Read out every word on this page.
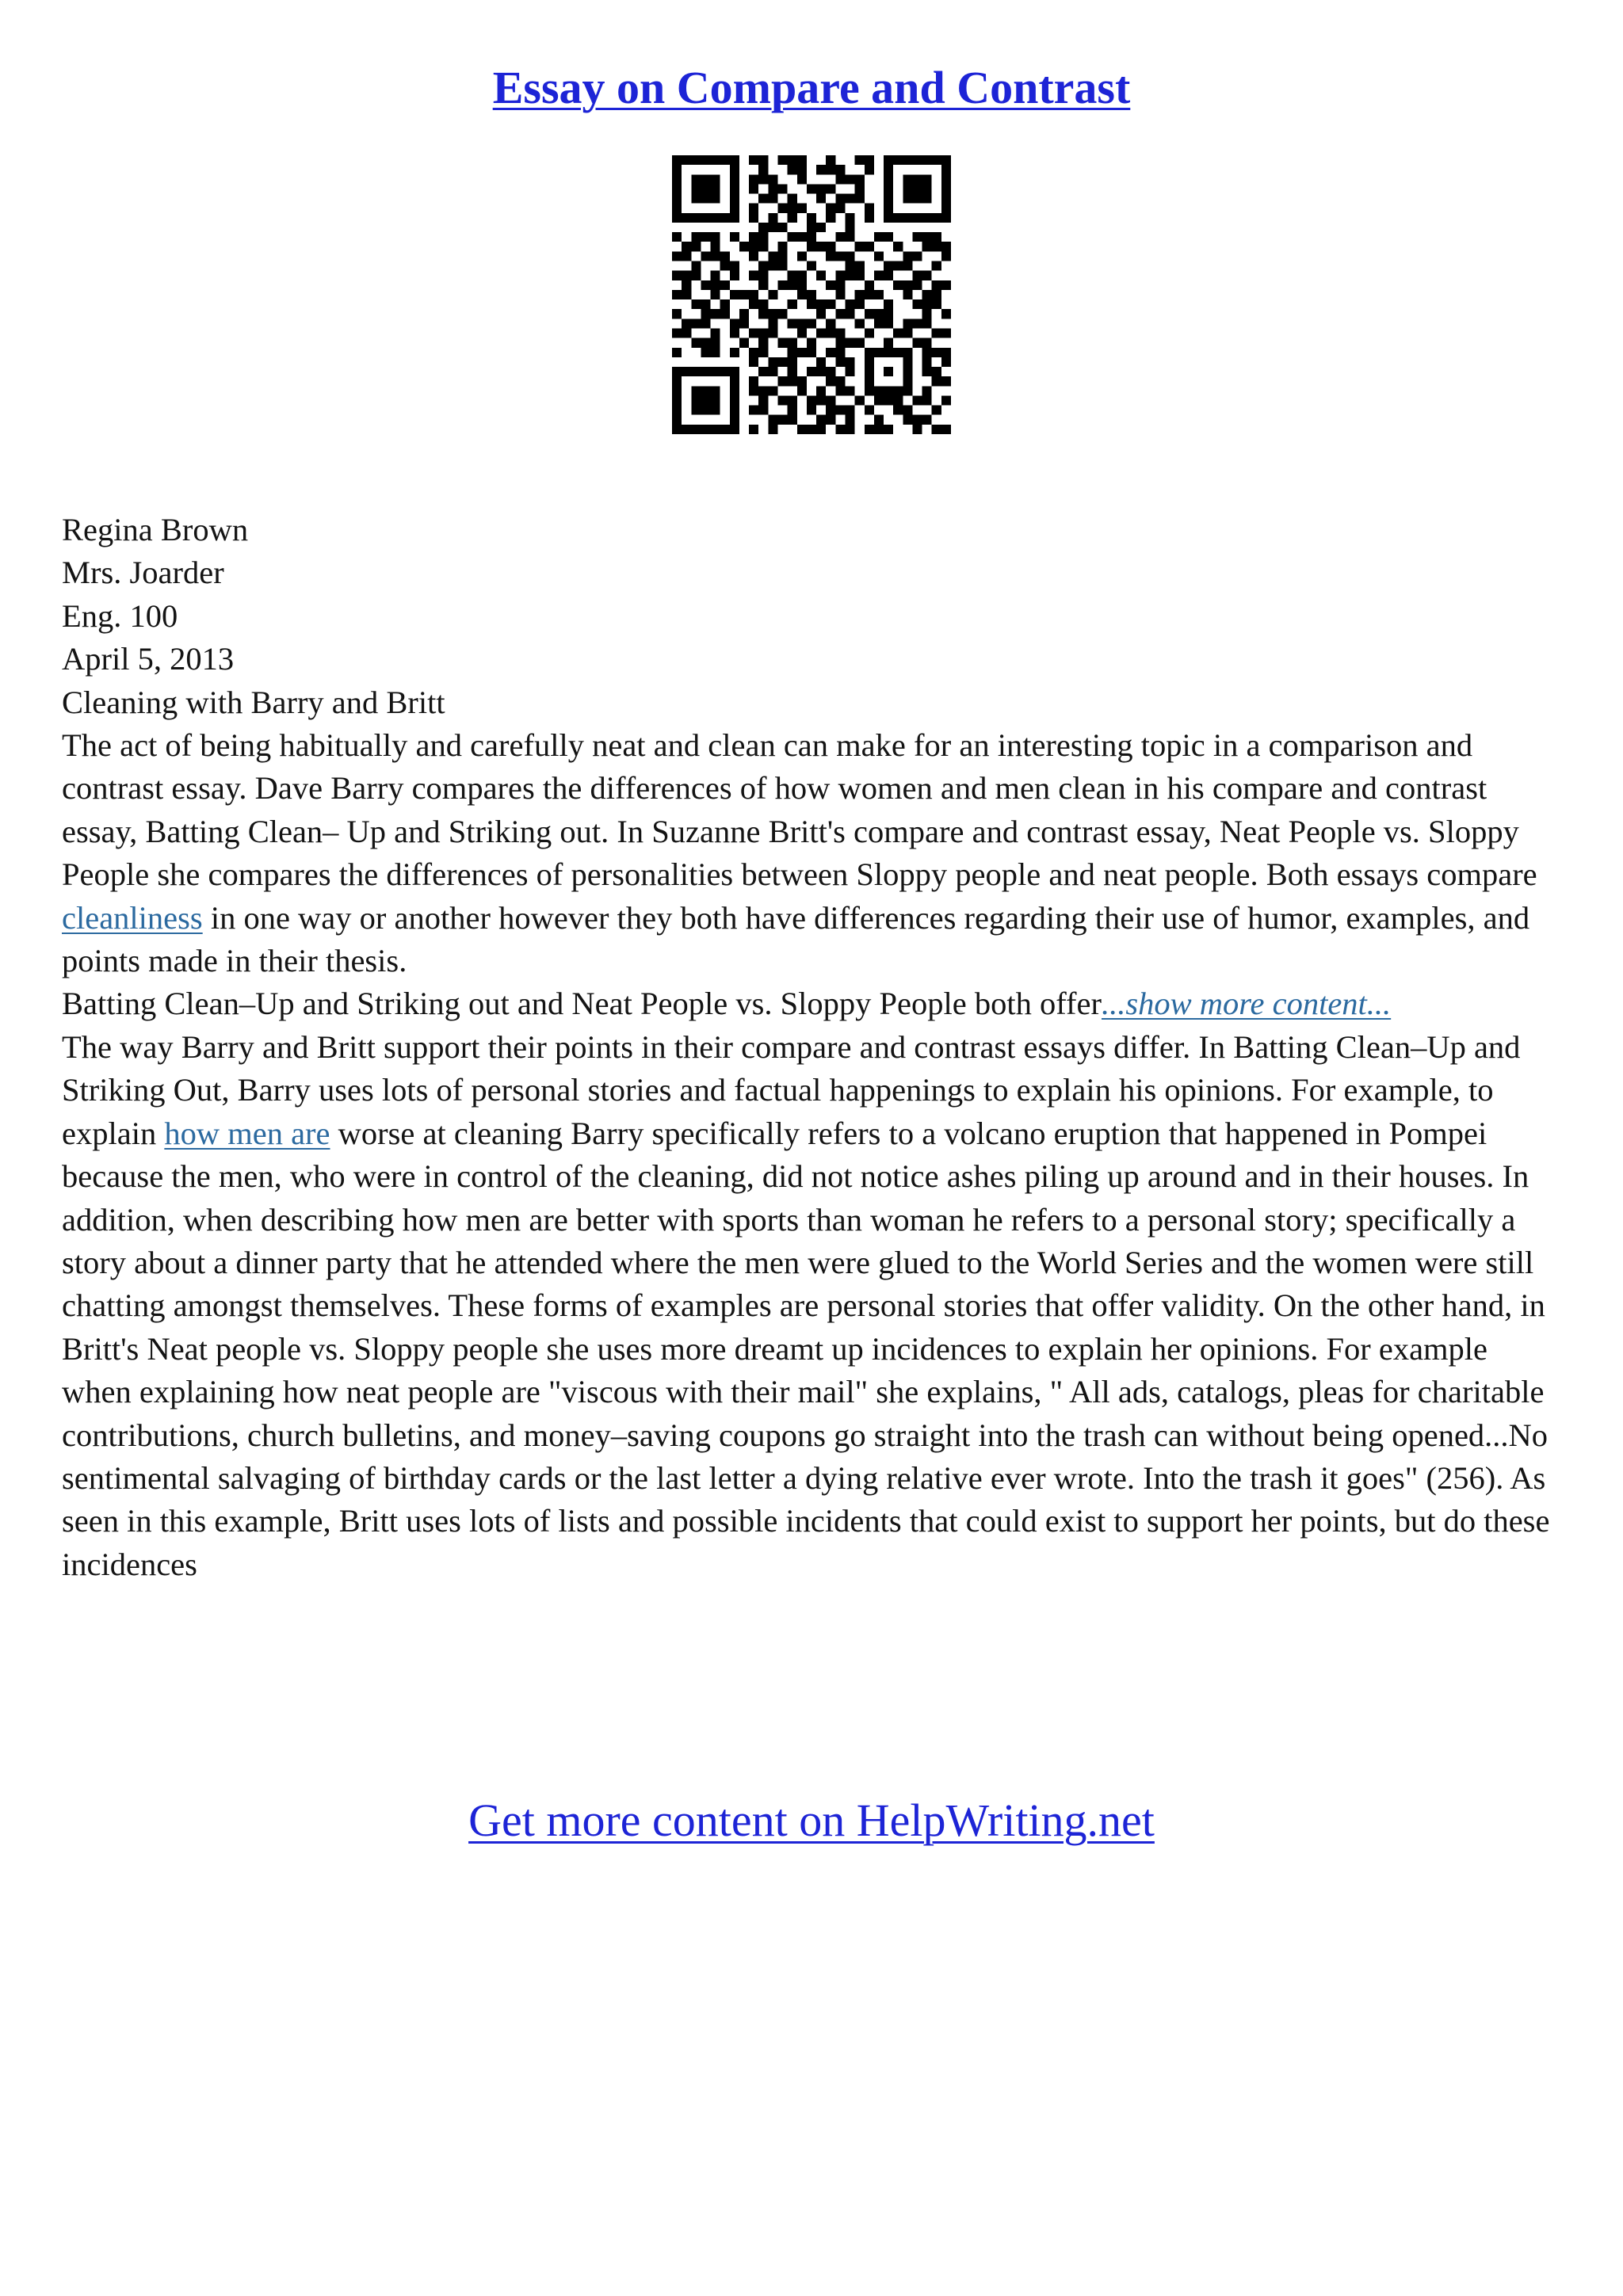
Essay on Compare and Contrast

Regina Brown

Mrs. Joarder

Eng. 100

April 5, 2013

Cleaning with Barry and Britt

The act of being habitually and carefully neat and clean can make for an interesting topic in a comparison and contrast essay. Dave Barry compares the differences of how women and men clean in his compare and contrast essay, Batting Clean– Up and Striking out. In Suzanne Britt's compare and contrast essay, Neat People vs. Sloppy People she compares the differences of personalities between Sloppy people and neat people. Both essays compare cleanliness in one way or another however they both have differences regarding their use of humor, examples, and points made in their thesis.

Batting Clean–Up and Striking out and Neat People vs. Sloppy People both offer...show more content...

The way Barry and Britt support their points in their compare and contrast essays differ. In Batting Clean–Up and Striking Out, Barry uses lots of personal stories and factual happenings to explain his opinions. For example, to explain how men are worse at cleaning Barry specifically refers to a volcano eruption that happened in Pompei because the men, who were in control of the cleaning, did not notice ashes piling up around and in their houses. In addition, when describing how men are better with sports than woman he refers to a personal story; specifically a story about a dinner party that he attended where the men were glued to the World Series and the women were still chatting amongst themselves. These forms of examples are personal stories that offer validity. On the other hand, in Britt's Neat people vs. Sloppy people she uses more dreamt up incidences to explain her opinions. For example when explaining how neat people are "viscous with their mail" she explains, " All ads, catalogs, pleas for charitable contributions, church bulletins, and money–saving coupons go straight into the trash can without being opened...No sentimental salvaging of birthday cards or the last letter a dying relative ever wrote. Into the trash it goes" (256). As seen in this example, Britt uses lots of lists and possible incidents that could exist to support her points, but do these incidences

Get more content on HelpWriting.net
